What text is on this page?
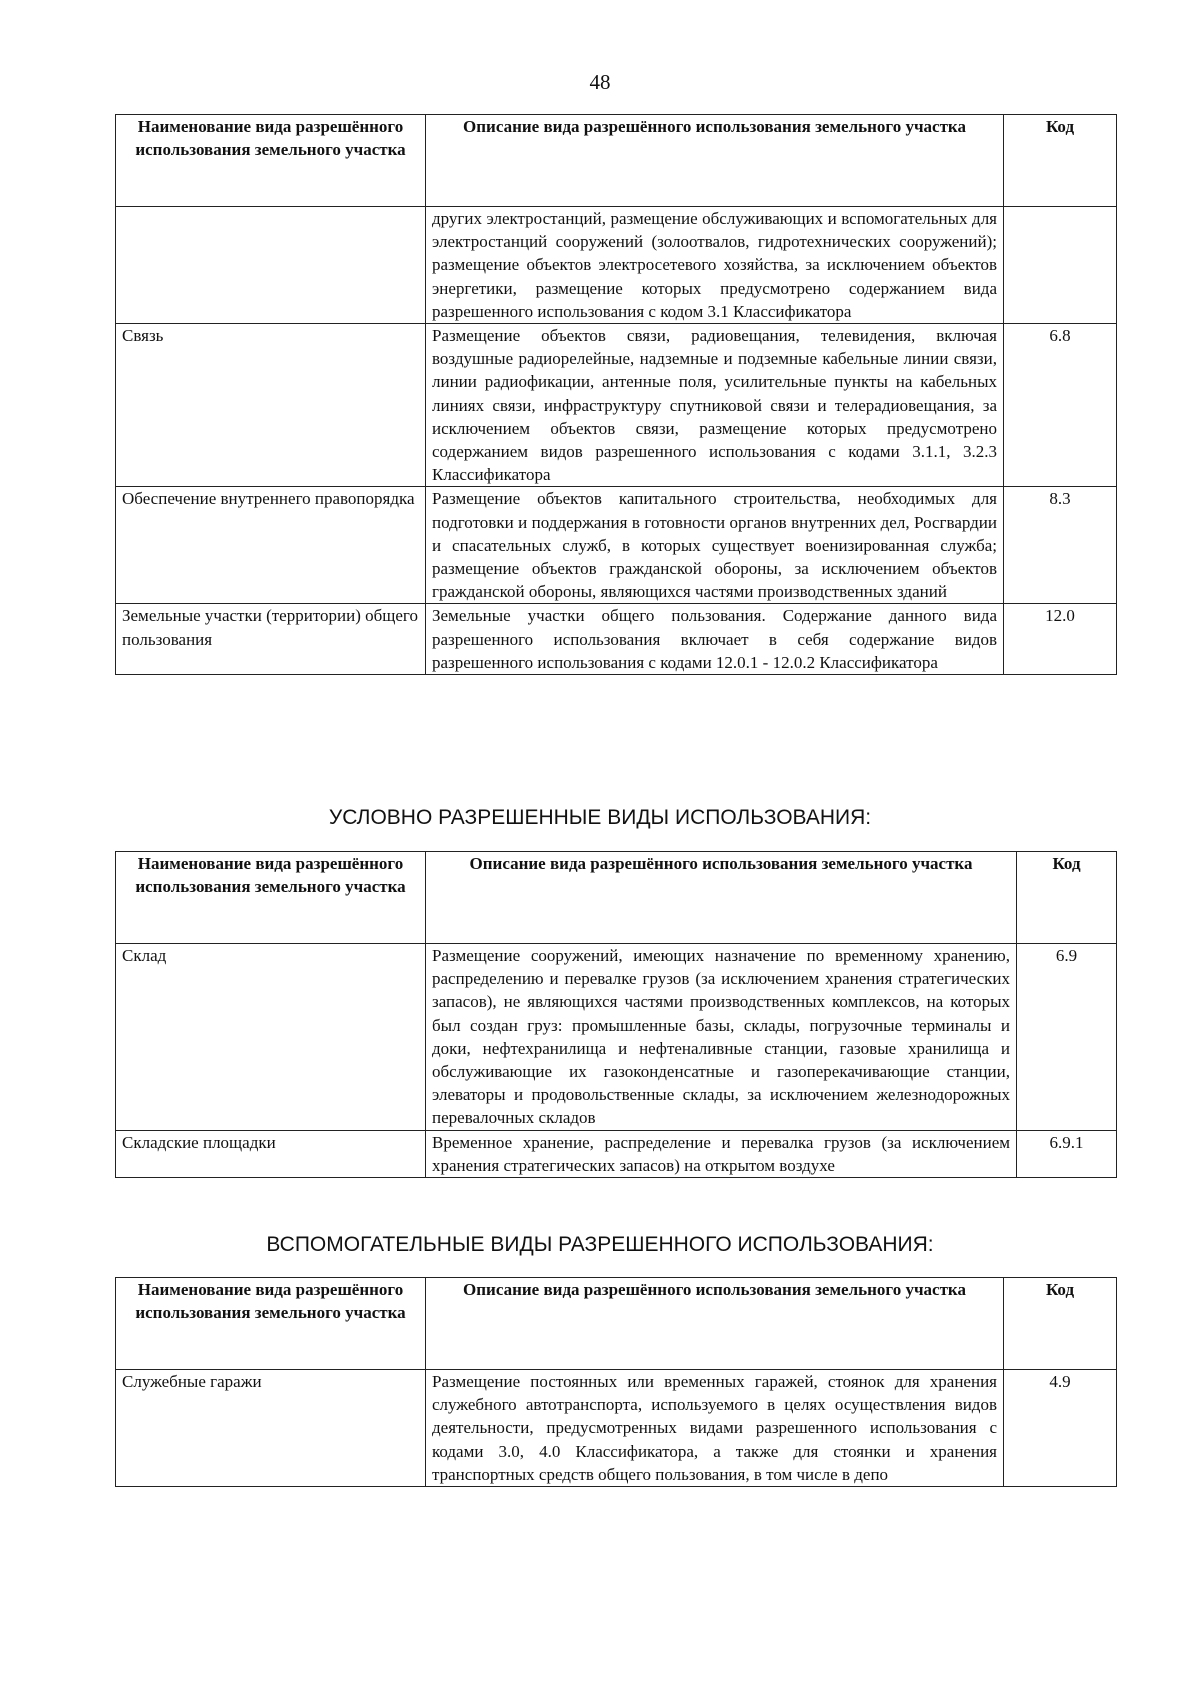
48
Наименование вида разрешённого использования земельного участка	Описание вида разрешённого использования земельного участка	Код
	других электростанций, размещение обслуживающих и вспомогательных для электростанций сооружений (золоотвалов, гидротехнических сооружений); размещение объектов электросетевого хозяйства, за исключением объектов энергетики, размещение которых предусмотрено содержанием вида разрешенного использования с кодом 3.1 Классификатора	
Связь	Размещение объектов связи, радиовещания, телевидения, включая воздушные радиорелейные, надземные и подземные кабельные линии связи, линии радиофикации, антенные поля, усилительные пункты на кабельных линиях связи, инфраструктуру спутниковой связи и телерадиовещания, за исключением объектов связи, размещение которых предусмотрено содержанием видов разрешенного использования с кодами 3.1.1, 3.2.3 Классификатора	6.8
Обеспечение внутреннего правопорядка	Размещение объектов капитального строительства, необходимых для подготовки и поддержания в готовности органов внутренних дел, Росгвардии и спасательных служб, в которых существует военизированная служба; размещение объектов гражданской обороны, за исключением объектов гражданской обороны, являющихся частями производственных зданий	8.3
Земельные участки (территории) общего пользования	Земельные участки общего пользования. Содержание данного вида разрешенного использования включает в себя содержание видов разрешенного использования с кодами 12.0.1 - 12.0.2 Классификатора	12.0
УСЛОВНО РАЗРЕШЕННЫЕ ВИДЫ ИСПОЛЬЗОВАНИЯ:
Наименование вида разрешённого использования земельного участка	Описание вида разрешённого использования земельного участка	Код
Склад	Размещение сооружений, имеющих назначение по временному хранению, распределению и перевалке грузов (за исключением хранения стратегических запасов), не являющихся частями производственных комплексов, на которых был создан груз: промышленные базы, склады, погрузочные терминалы и доки, нефтехранилища и нефтеналивные станции, газовые хранилища и обслуживающие их газоконденсатные и газоперекачивающие станции, элеваторы и продовольственные склады, за исключением железнодорожных перевалочных складов	6.9
Складские площадки	Временное хранение, распределение и перевалка грузов (за исключением хранения стратегических запасов) на открытом воздухе	6.9.1
ВСПОМОГАТЕЛЬНЫЕ ВИДЫ РАЗРЕШЕННОГО ИСПОЛЬЗОВАНИЯ:
Наименование вида разрешённого использования земельного участка	Описание вида разрешённого использования земельного участка	Код
Служебные гаражи	Размещение постоянных или временных гаражей, стоянок для хранения служебного автотранспорта, используемого в целях осуществления видов деятельности, предусмотренных видами разрешенного использования с кодами 3.0, 4.0 Классификатора, а также для стоянки и хранения транспортных средств общего пользования, в том числе в депо	4.9
